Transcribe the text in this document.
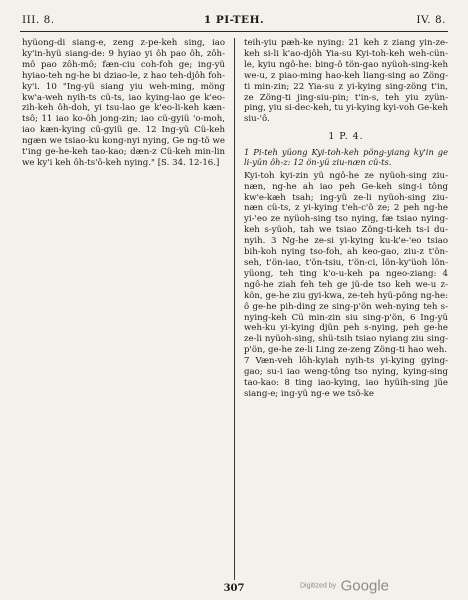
III. 8.	1 PI-TEH.	IV. 8.

hyüong-di siang-e, zeng z-pe-keh sing, iao ky'in-hyü siang-de: 9 hyiao yi ôh pao ôh, zôh-mô pao zôh-mô; fæn-ciu coh-foh ge; ing-yü hyiao-teh ng-he bi dziao-le, z hao teh-djôh foh-ky'i. 10 "Ing-yü siang yiu weh-ming, möng kw'a-weh nyih-ts cü-ts, iao kying-lao ge k'eo-zih-keh ôh-doh, yi tsu-lao ge k'eo-li-keh kæn-tsô; 11 iao ko-ôh jong-zin; iao cü-gyiü 'o-moh, iao kæn-kying cü-gyiü ge. 12 Ing-yü Cü-keh ngæn we tsiao-ku kong-nyi nying, Ge ng-tö we t'ing ge-he-keh tao-kao; dæn-z Cü-keh min-lin we ky'i keh ôh-ts'ô-keh nying." [S. 34. 12-16.]

teih-yiu pæh-ke nying: 21 keh z ziang yin-ze-keh si-li k'ao-djôh Yia-su Kyi-toh-keh weh-cün-le, kyiu ngô-he: bing-ô tön-gao nyüoh-sing-keh we-u, z piao-ming hao-keh liang-sing ao Zöng-ti min-zin; 22 Yia-su z yi-kying sing-zöng t'in, ze Zöng-ti jing-siu-pin; t'in-s, teh yiu zyün-ping, yiu si-dec-keh, tu yi-kying kyi-voh Ge-keh siu-'ô.

1 P. 4.

1 Pi-teh yüong Kyi-toh-keh pöng-yiang ky'in ge li-yün ôh-z: 12 ön-yü ziu-næn cü-ts.

Kyi-toh kyi-zin yü ngô-he ze nyüoh-sing ziu-næn, ng-he ah iao peh Ge-keh sing-i tông kw'e-kæh tsah; ing-yü ze-li nyüoh-sing ziu-næn cü-ts, z yi-kying t'eh-c'ô ze; 2 peh ng-he yi-'eo ze nyüoh-sing tso nying, fæ tsiao nying-keh s-yüoh, tah we tsiao Zöng-ti-keh ts-i du-nyih. 3 Ng-he ze-si yi-kying ku-k'e-'eo tsiao bih-koh nying tso-foh, ah keo-gao, ziu-z t'ön-seh, t'ön-iao, t'ön-tsiu, t'ön-ci, lön-ky'üoh lön-yüong, teh ting k'o-u-keh pa ngeo-ziang: 4 ngô-he ziah feh teh ge jü-de tso keh we-u z-kön, ge-he ziu gyi-kwa, ze-teh hyü-pöng ng-he: ô ge-he pih-ding ze sing-p'ön weh-nying teh s-nying-keh Cü min-zin siu sing-p'ön, 6 Ing-yü weh-ku yi-kying djün peh s-nying, peh ge-he ze-li nyüoh-sing, shü-tsih tsiao nyiang ziu sing-p'ön, ge-he ze-li Ling ze-zeng Zöng-ti hao weh.

7 Væn-veh lôh-kyiah nyih-ts yi-kying gying-gao; su-i iao weng-tông tso nying, kying-sing tao-kao: 8 ting iao-kying, iao hyüih-sing jüe siang-e; ing-yü ng-e we tsö-ke

307	Digitized by Google
